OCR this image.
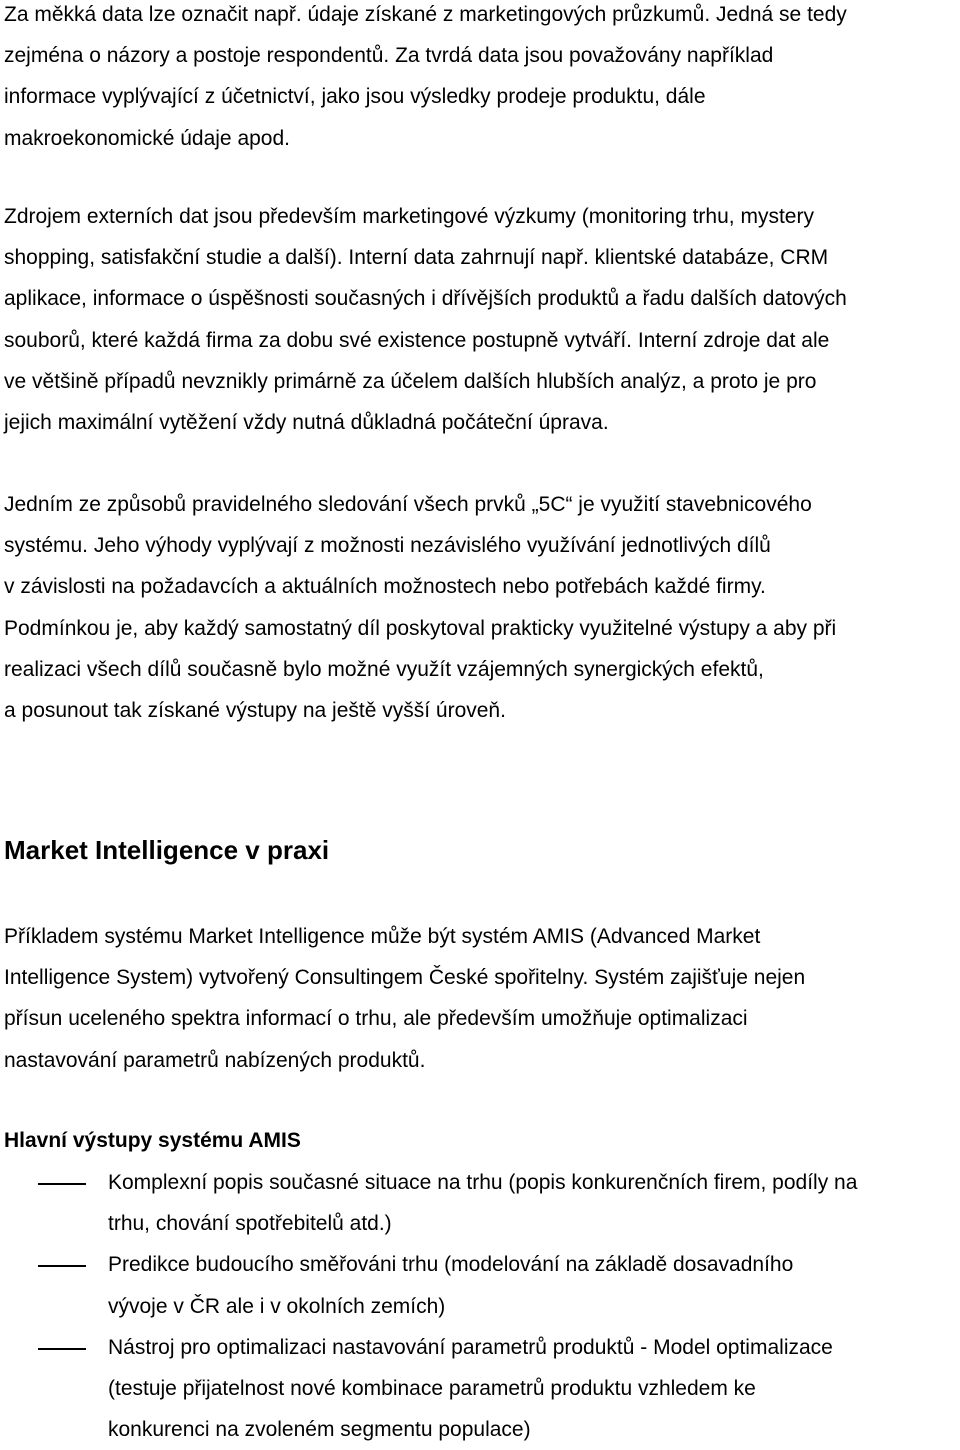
Za měkká data lze označit např. údaje získané z marketingových průzkumů. Jedná se tedy
zejména o názory a postoje respondentů. Za tvrdá data jsou považovány například
informace vyplývající z účetnictví, jako jsou výsledky prodeje produktu, dále
makroekonomické údaje apod.

Zdrojem externích dat jsou především marketingové výzkumy (monitoring trhu, mystery
shopping, satisfakční studie a další). Interní data zahrnují např. klientské databáze, CRM
aplikace, informace o úspěšnosti současných i dřívějších produktů a řadu dalších datových
souborů, které každá firma za dobu své existence postupně vytváří. Interní zdroje dat ale
ve většině případů nevznikly primárně za účelem dalších hlubších analýz, a proto je pro
jejich maximální vytěžení vždy nutná důkladná počáteční úprava.

Jedním ze způsobů pravidelného sledování všech prvků „5C“ je využití stavebnicového
systému. Jeho výhody vyplývají z možnosti nezávislého využívání jednotlivých dílů
v závislosti na požadavcích a aktuálních možnostech nebo potřebách každé firmy.
Podmínkou je, aby každý samostatný díl poskytoval prakticky využitelné výstupy a aby při
realizaci všech dílů současně bylo možné využít vzájemných synergických efektů,
a posunout tak získané výstupy na ještě vyšší úroveň.

Market Intelligence v praxi

Příkladem systému Market Intelligence může být systém AMIS (Advanced Market
Intelligence System) vytvořený Consultingem České spořitelny. Systém zajišťuje nejen
přísun uceleného spektra informací o trhu, ale především umožňuje optimalizaci
nastavování parametrů nabízených produktů.

Hlavní výstupy systému AMIS
Komplexní popis současné situace na trhu (popis konkurenčních firem, podíly na
trhu, chování spotřebitelů atd.)
Predikce budoucího směřováni trhu (modelování na základě dosavadního
vývoje v ČR ale i v okolních zemích)
Nástroj pro optimalizaci nastavování parametrů produktů - Model optimalizace
(testuje přijatelnost nové kombinace parametrů produktu vzhledem ke
konkurenci na zvoleném segmentu populace)
